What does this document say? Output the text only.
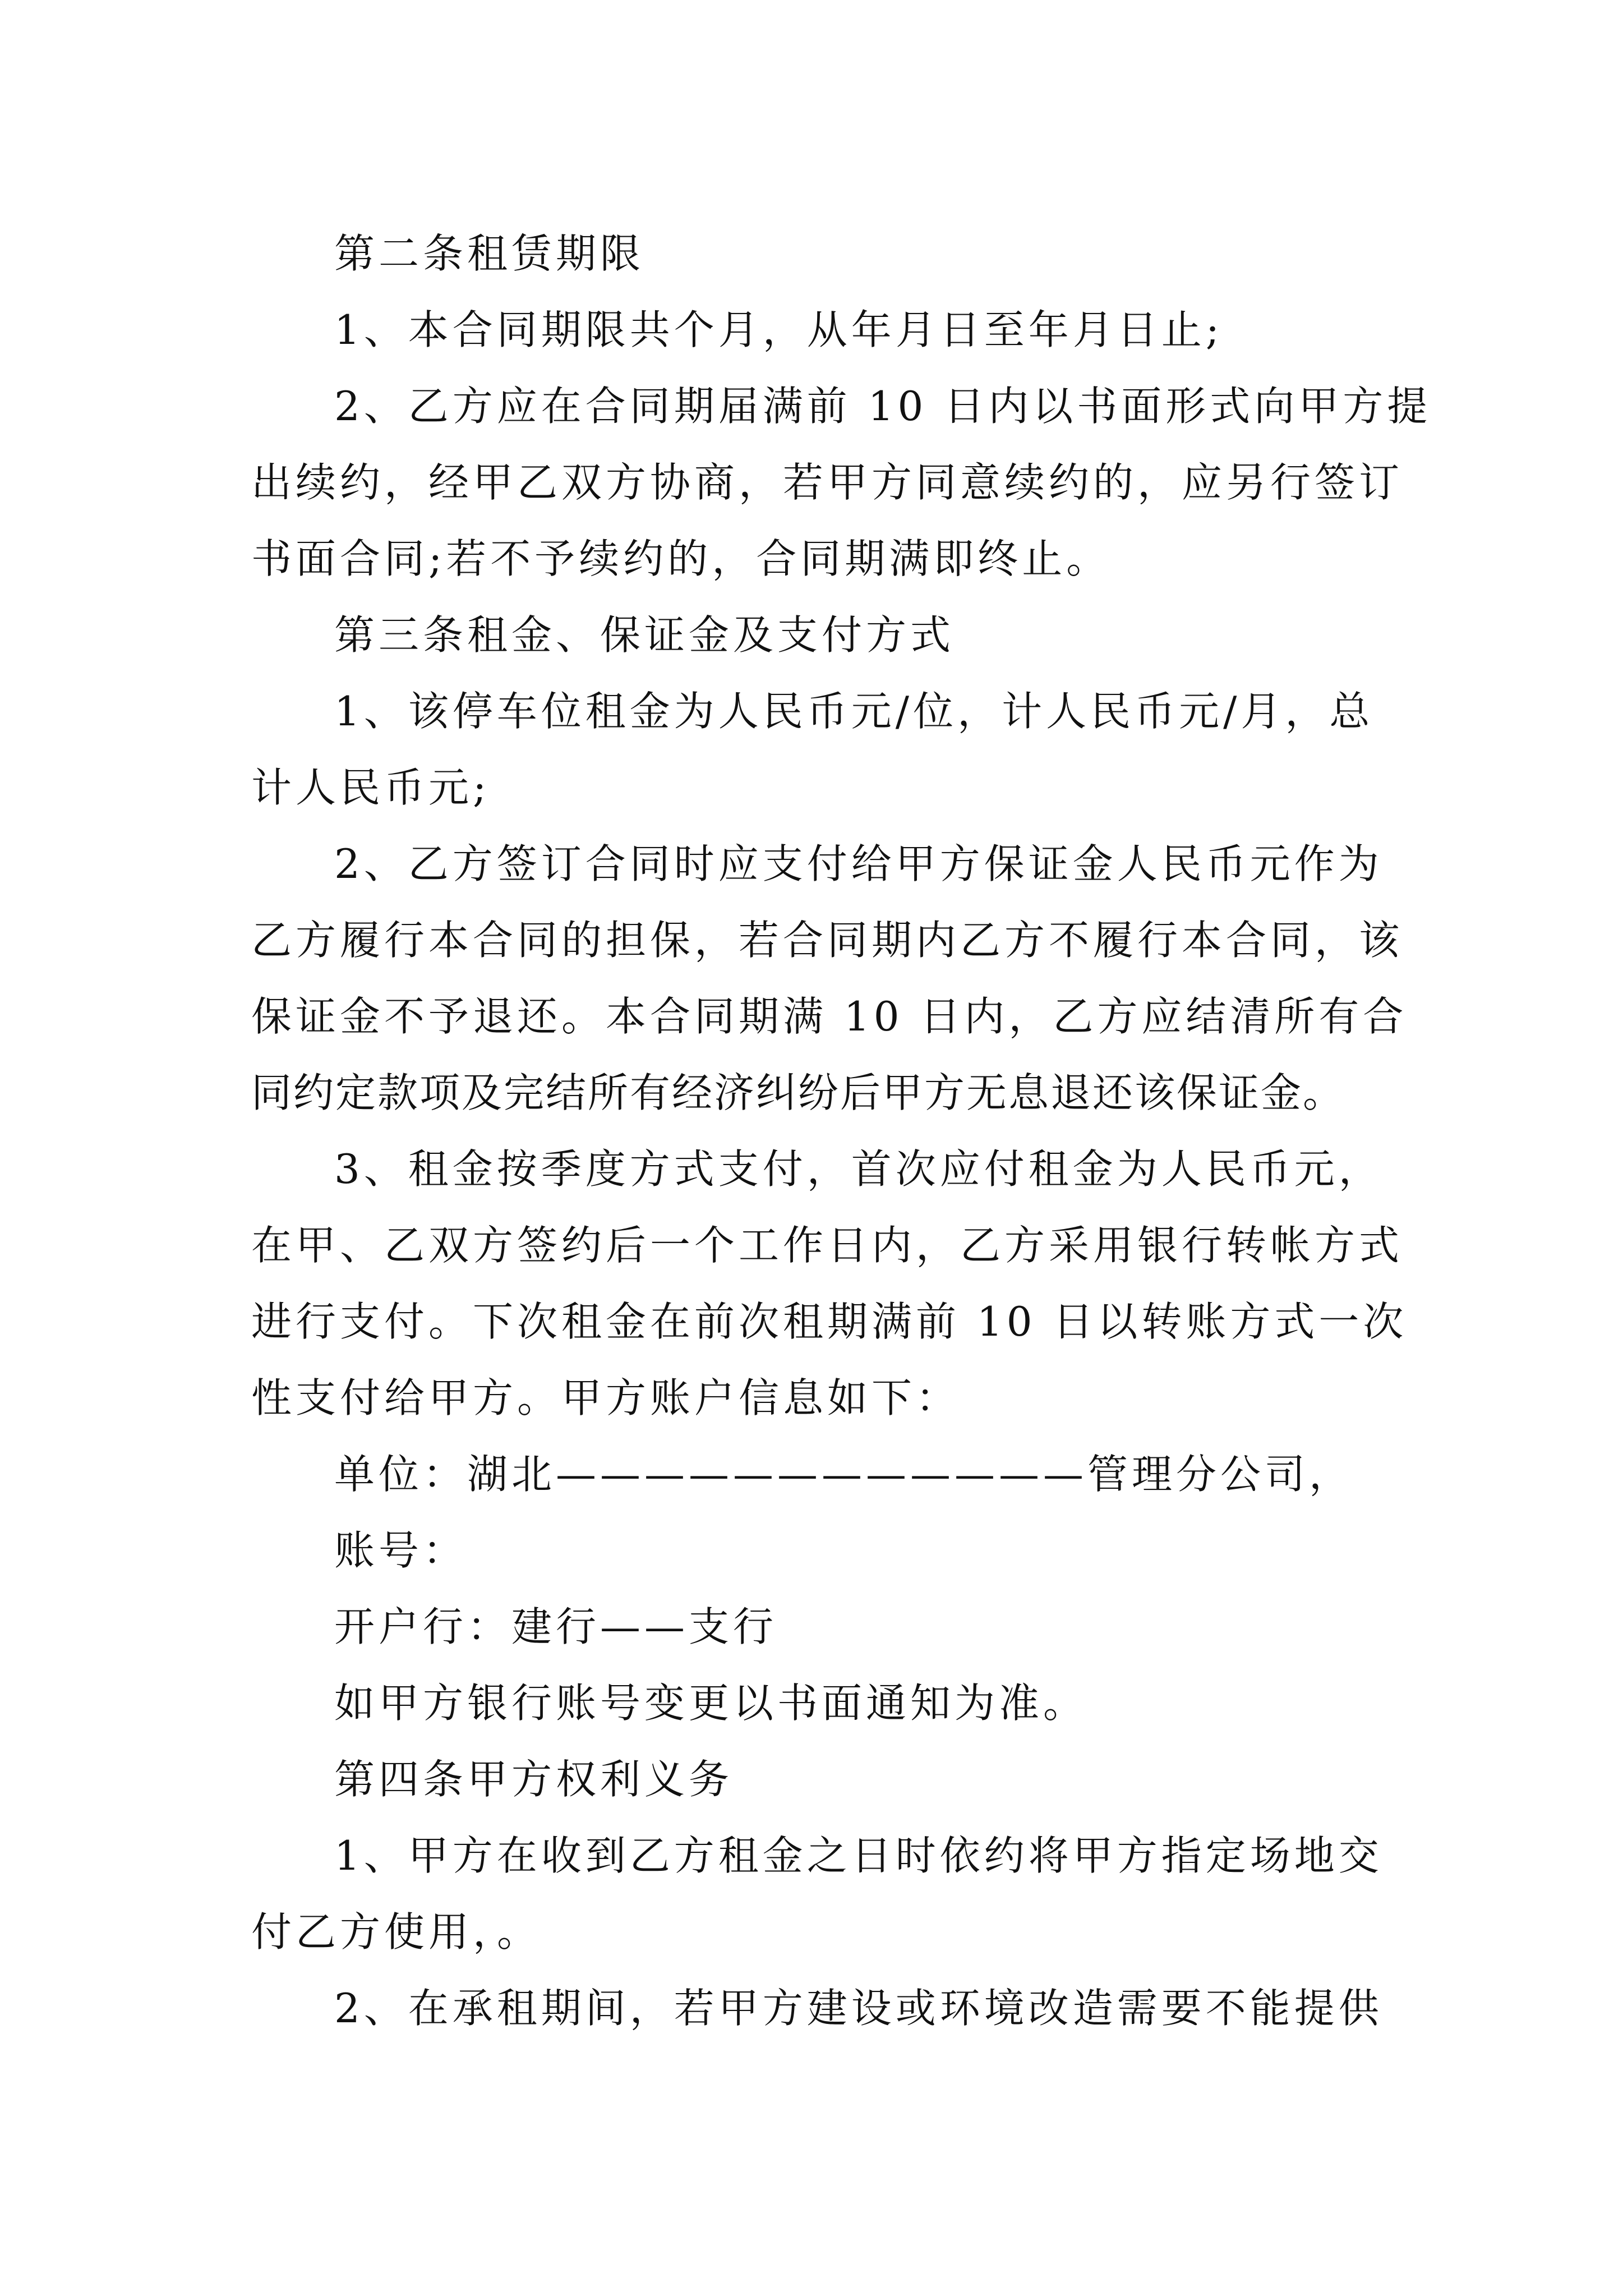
第二条租赁期限
1、本合同期限共个月，从年月日至年月日止;
2、乙方应在合同期届满前 10 日内以书面形式向甲方提
出续约，经甲乙双方协商，若甲方同意续约的，应另行签订
书面合同;若不予续约的，合同期满即终止。
第三条租金、保证金及支付方式
1、该停车位租金为人民币元/位，计人民币元/月，总
计人民币元;
2、乙方签订合同时应支付给甲方保证金人民币元作为
乙方履行本合同的担保，若合同期内乙方不履行本合同，该
保证金不予退还。本合同期满 10 日内，乙方应结清所有合
同约定款项及完结所有经济纠纷后甲方无息退还该保证金。
3、租金按季度方式支付，首次应付租金为人民币元，
在甲、乙双方签约后一个工作日内，乙方采用银行转帐方式
进行支付。下次租金在前次租期满前 10 日以转账方式一次
性支付给甲方。甲方账户信息如下：
单位：湖北————————————管理分公司，
账号：
开户行：建行——支行
如甲方银行账号变更以书面通知为准。
第四条甲方权利义务
1、甲方在收到乙方租金之日时依约将甲方指定场地交
付乙方使用，。
2、在承租期间，若甲方建设或环境改造需要不能提供
